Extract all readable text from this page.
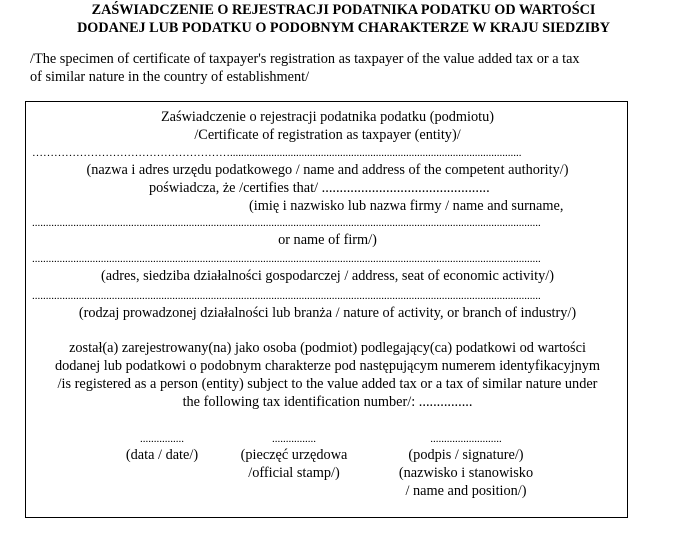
ZAŚWIADCZENIE O REJESTRACJI PODATNIKA PODATKU OD WARTOŚCI
DODANEJ LUB PODATKU O PODOBNYM CHARAKTERZE W KRAJU SIEDZIBY
/The specimen of certificate of taxpayer's registration as taxpayer of the value added tax or a tax
of similar nature in the country of establishment/
Zaświadczenie o rejestracji podatnika podatku (podmiotu)
/Certificate of registration as taxpayer (entity)/
………………………………………………..........................................................................................................
(nazwa i adres urzędu podatkowego / name and address of the competent authority/)
poświadcza, że /certifies that/ ...............................................
(imię i nazwisko lub nazwa firmy / name and surname,
.........................................................................................................................................................................................
or name of firm/)
.........................................................................................................................................................................................
(adres, siedziba działalności gospodarczej / address, seat of economic activity/)
.........................................................................................................................................................................................
(rodzaj prowadzonej działalności lub branża / nature of activity, or branch of industry/)
został(a) zarejestrowany(na) jako osoba (podmiot) podlegający(ca) podatkowi od wartości
dodanej lub podatkowi o podobnym charakterze pod następującym numerem identyfikacyjnym
/is registered as a person (entity) subject to the value added tax or a tax of similar nature under
the following tax identification number/: ...............
................
(data / date/)
................
(pieczęć urzędowa
/official stamp/)
..........................
(podpis / signature/)
(nazwisko i stanowisko
/ name and position/)
